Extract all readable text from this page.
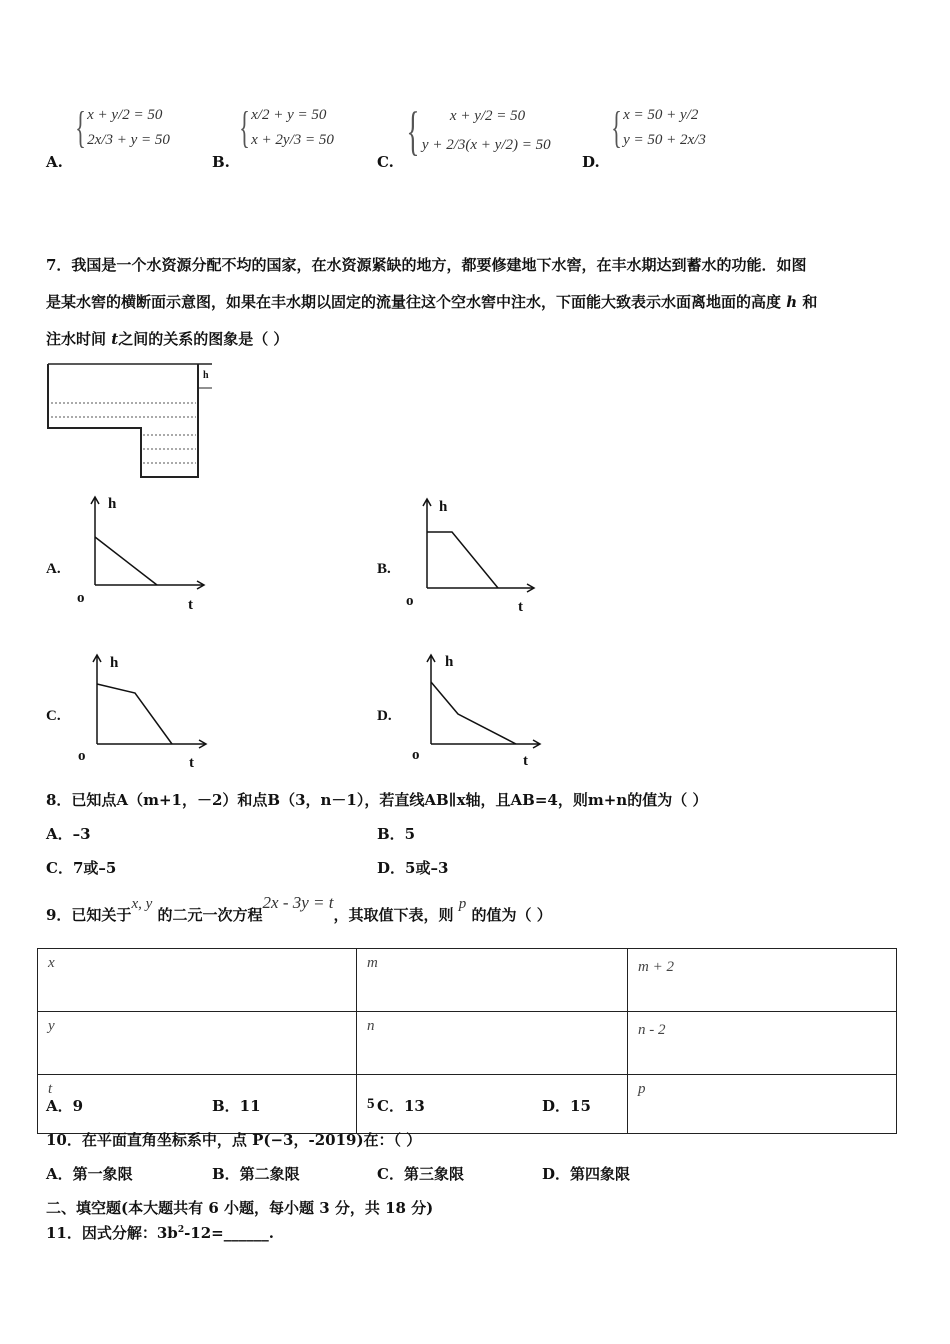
A.
{ x + y/2 = 50
2x/3 + y = 50
B.
{ x/2 + y = 50
x + 2y/3 = 50
C.
{	x + y/2 = 50
y + 2/3(x + y/2) = 50
D.
{ x = 50 + y/2
y = 50 + 2x/3
7．我国是一个水资源分配不均的国家，在水资源紧缺的地方，都要修建地下水窖，在丰水期达到蓄水的功能．如图
是某水窖的横断面示意图，如果在丰水期以固定的流量往这个空水窖中注水，下面能大致表示水面离地面的高度 h 和
注水时间 t之间的关系的图象是（ ）
h
h
o	t
A.
h
o	t
B.
h
o	t
C.
h
o	t
D.
8．已知点A（m+1，－2）和点B（3，n－1），若直线AB∥x轴，且AB=4，则m+n的值为（ ）
A．–3	B．5
C．7或–5	D．5或–3
9．已知关于x, y 的二元一次方程2x - 3y = t，其取值下表，则 p 的值为（ ）
x	m	m + 2
y	n	n - 2
t	5	p
A．9	B．11	C．13	D．15
10．在平面直角坐标系中，点 P(−3，-2019)在：（ ）
A．第一象限	B．第二象限	C．第三象限	D．第四象限
二、填空题(本大题共有 6 小题，每小题 3 分，共 18 分)
11．因式分解：$3b^2-12=\_\_\_\_\_\_$.
